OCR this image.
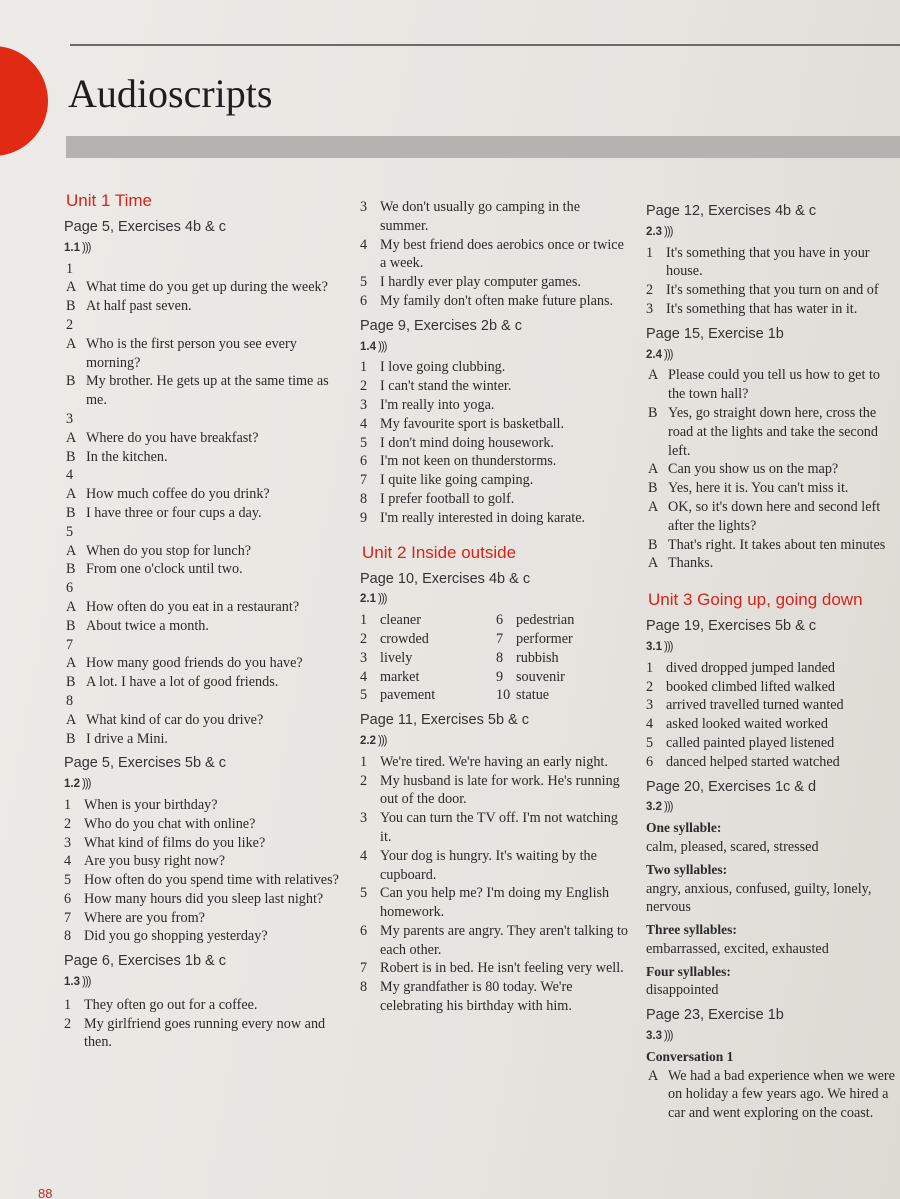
Audioscripts
Unit 1 Time
Page 5, Exercises 4b & c
1.1 )))
1
A What time do you get up during the week?
B At half past seven.
2
A Who is the first person you see every morning?
B My brother. He gets up at the same time as me.
3
A Where do you have breakfast?
B In the kitchen.
4
A How much coffee do you drink?
B I have three or four cups a day.
5
A When do you stop for lunch?
B From one o'clock until two.
6
A How often do you eat in a restaurant?
B About twice a month.
7
A How many good friends do you have?
B A lot. I have a lot of good friends.
8
A What kind of car do you drive?
B I drive a Mini.
Page 5, Exercises 5b & c
1.2 )))
1 When is your birthday?
2 Who do you chat with online?
3 What kind of films do you like?
4 Are you busy right now?
5 How often do you spend time with relatives?
6 How many hours did you sleep last night?
7 Where are you from?
8 Did you go shopping yesterday?
Page 6, Exercises 1b & c
1.3 )))
1 They often go out for a coffee.
2 My girlfriend goes running every now and then.
3 We don't usually go camping in the summer.
4 My best friend does aerobics once or twice a week.
5 I hardly ever play computer games.
6 My family don't often make future plans.
Page 9, Exercises 2b & c
1.4 )))
1 I love going clubbing.
2 I can't stand the winter.
3 I'm really into yoga.
4 My favourite sport is basketball.
5 I don't mind doing housework.
6 I'm not keen on thunderstorms.
7 I quite like going camping.
8 I prefer football to golf.
9 I'm really interested in doing karate.
Unit 2 Inside outside
Page 10, Exercises 4b & c
2.1 )))
1 cleaner	6 pedestrian
2 crowded	7 performer
3 lively	8 rubbish
4 market	9 souvenir
5 pavement	10 statue
Page 11, Exercises 5b & c
2.2 )))
1 We're tired. We're having an early night.
2 My husband is late for work. He's running out of the door.
3 You can turn the TV off. I'm not watching it.
4 Your dog is hungry. It's waiting by the cupboard.
5 Can you help me? I'm doing my English homework.
6 My parents are angry. They aren't talking to each other.
7 Robert is in bed. He isn't feeling very well.
8 My grandfather is 80 today. We're celebrating his birthday with him.
Page 12, Exercises 4b & c
2.3 )))
1 It's something that you have in your house.
2 It's something that you turn on and of
3 It's something that has water in it.
Page 15, Exercise 1b
2.4 )))
A Please could you tell us how to get to the town hall?
B Yes, go straight down here, cross the road at the lights and take the second left.
A Can you show us on the map?
B Yes, here it is. You can't miss it.
A OK, so it's down here and second left after the lights?
B That's right. It takes about ten minutes
A Thanks.
Unit 3 Going up, going down
Page 19, Exercises 5b & c
3.1 )))
1 dived dropped jumped landed
2 booked climbed lifted walked
3 arrived travelled turned wanted
4 asked looked waited worked
5 called painted played listened
6 danced helped started watched
Page 20, Exercises 1c & d
3.2 )))
One syllable:
calm, pleased, scared, stressed
Two syllables:
angry, anxious, confused, guilty, lonely, nervous
Three syllables:
embarrassed, excited, exhausted
Four syllables:
disappointed
Page 23, Exercise 1b
3.3 )))
Conversation 1
A We had a bad experience when we were on holiday a few years ago. We hired a car and went exploring on the coast.
88
